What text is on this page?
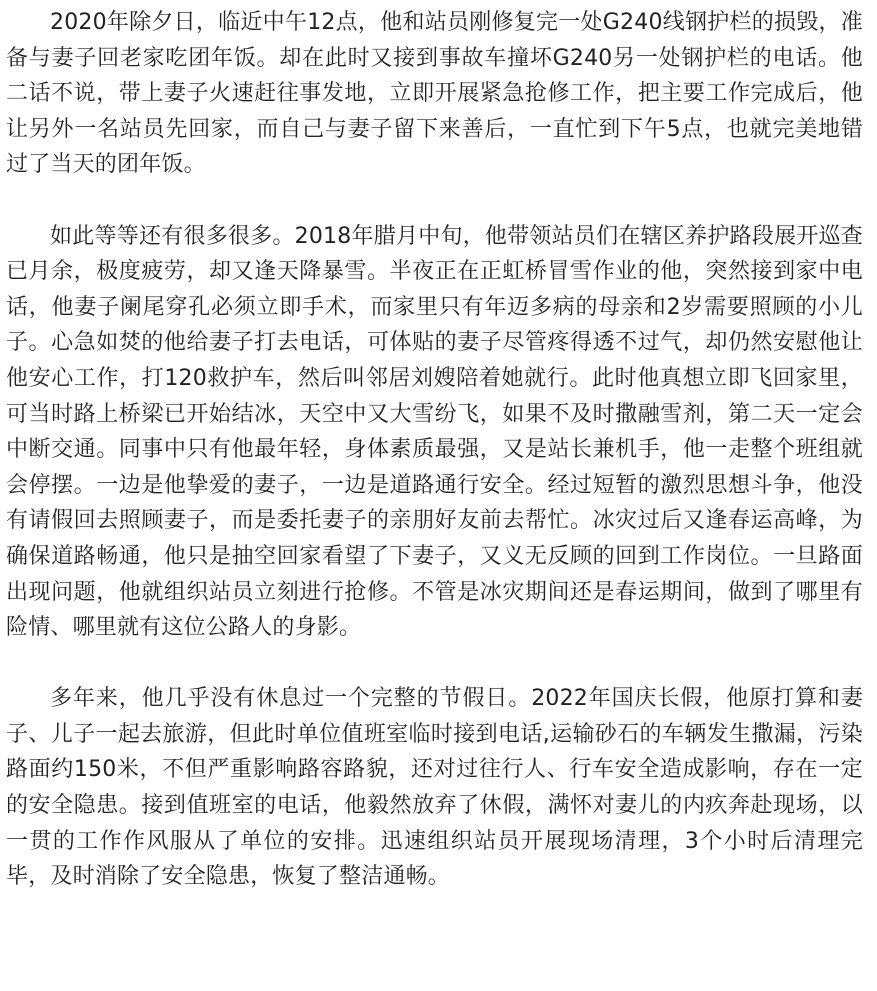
2020年除夕日，临近中午12点，他和站员刚修复完一处G240线钢护栏的损毁，准备与妻子回老家吃团年饭。却在此时又接到事故车撞坏G240另一处钢护栏的电话。他二话不说，带上妻子火速赶往事发地，立即开展紧急抢修工作，把主要工作完成后，他让另外一名站员先回家，而自己与妻子留下来善后，一直忙到下午5点，也就完美地错过了当天的团年饭。

如此等等还有很多很多。2018年腊月中旬，他带领站员们在辖区养护路段展开巡查已月余，极度疲劳，却又逢天降暴雪。半夜正在正虹桥冒雪作业的他，突然接到家中电话，他妻子阑尾穿孔必须立即手术，而家里只有年迈多病的母亲和2岁需要照顾的小儿子。心急如焚的他给妻子打去电话，可体贴的妻子尽管疼得透不过气，却仍然安慰他让他安心工作，打120救护车，然后叫邻居刘嫂陪着她就行。此时他真想立即飞回家里，可当时路上桥梁已开始结冰，天空中又大雪纷飞，如果不及时撒融雪剂，第二天一定会中断交通。同事中只有他最年轻，身体素质最强，又是站长兼机手，他一走整个班组就会停摆。一边是他挚爱的妻子，一边是道路通行安全。经过短暂的激烈思想斗争，他没有请假回去照顾妻子，而是委托妻子的亲朋好友前去帮忙。冰灾过后又逢春运高峰，为确保道路畅通，他只是抽空回家看望了下妻子，又义无反顾的回到工作岗位。一旦路面出现问题，他就组织站员立刻进行抢修。不管是冰灾期间还是春运期间，做到了哪里有险情、哪里就有这位公路人的身影。

多年来，他几乎没有休息过一个完整的节假日。2022年国庆长假，他原打算和妻子、儿子一起去旅游，但此时单位值班室临时接到电话,运输砂石的车辆发生撒漏，污染路面约150米，不但严重影响路容路貌，还对过往行人、行车安全造成影响，存在一定的安全隐患。接到值班室的电话，他毅然放弃了休假，满怀对妻儿的内疚奔赴现场，以一贯的工作作风服从了单位的安排。迅速组织站员开展现场清理，3个小时后清理完毕，及时消除了安全隐患，恢复了整洁通畅。
